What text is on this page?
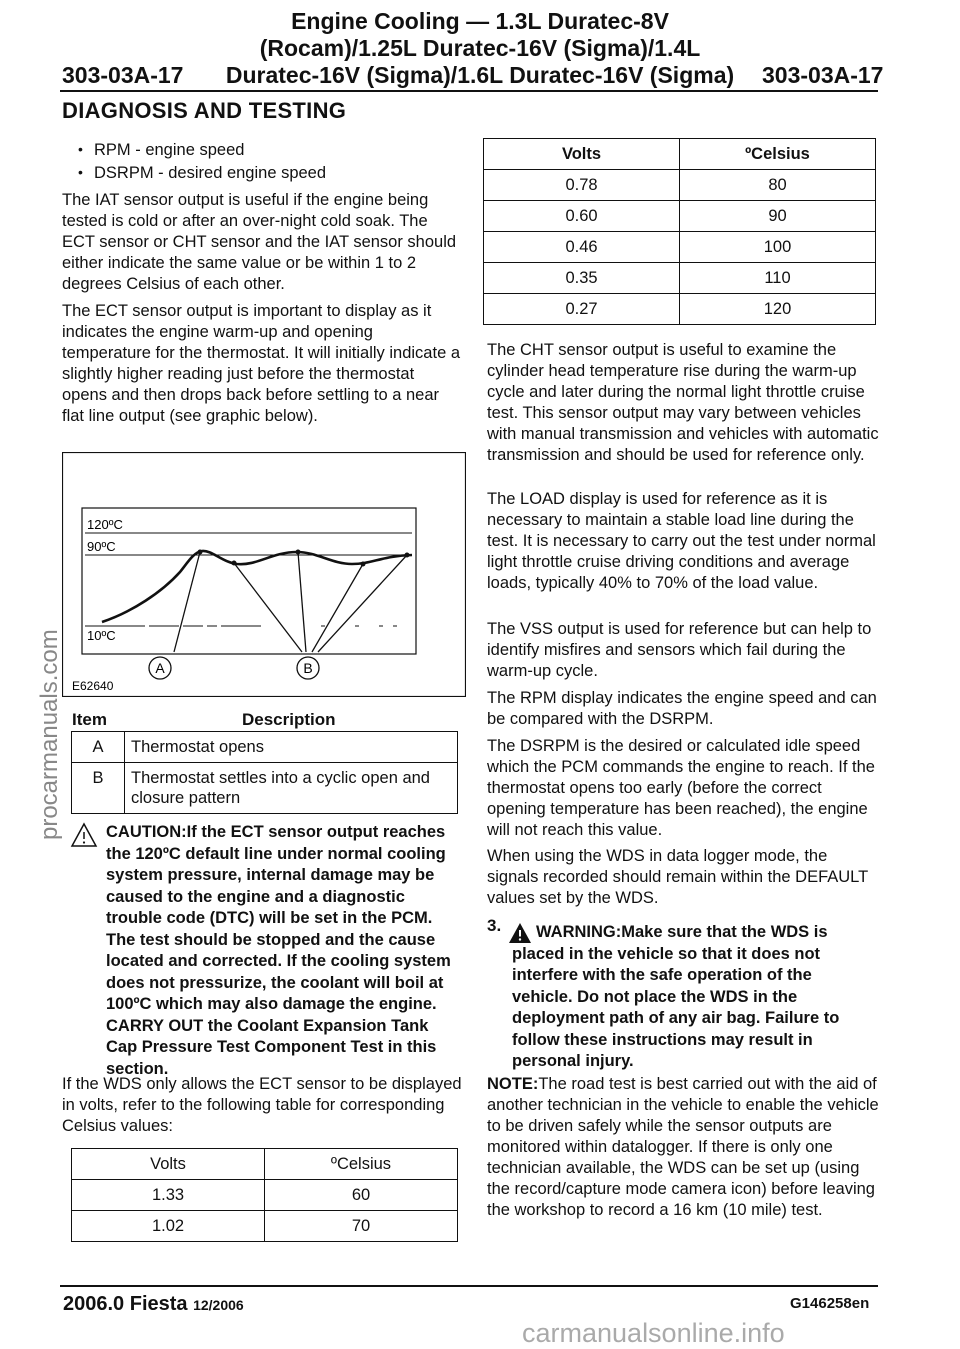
Engine Cooling — 1.3L Duratec-8V
(Rocam)/1.25L Duratec-16V (Sigma)/1.4L
Duratec-16V (Sigma)/1.6L Duratec-16V (Sigma)
303-03A-17	303-03A-17
DIAGNOSIS AND TESTING
• RPM - engine speed
• DSRPM - desired engine speed

The IAT sensor output is useful if the engine being tested is cold or after an over-night cold soak. The ECT sensor or CHT sensor and the IAT sensor should either indicate the same value or be within 1 to 2 degrees Celsius of each other.

The ECT sensor output is important to display as it indicates the engine warm-up and opening temperature for the thermostat. It will initially indicate a slightly higher reading just before the thermostat opens and then drops back before settling to a near flat line output (see graphic below).

A	B
120ºC
90ºC
10ºC
E62640
Item	Description
A	Thermostat opens
B	Thermostat settles into a cyclic open and closure pattern
CAUTION:If the ECT sensor output reaches the 120ºC default line under normal cooling system pressure, internal damage may be caused to the engine and a diagnostic trouble code (DTC) will be set in the PCM. The test should be stopped and the cause located and corrected. If the cooling system does not pressurize, the coolant will boil at 100ºC which may also damage the engine. CARRY OUT the Coolant Expansion Tank Cap Pressure Test Component Test in this section.

If the WDS only allows the ECT sensor to be displayed in volts, refer to the following table for corresponding Celsius values:

Volts	ºCelsius
1.33	60
1.02	70
Volts	ºCelsius
0.78	80
0.60	90
0.46	100
0.35	110
0.27	120

The CHT sensor output is useful to examine the cylinder head temperature rise during the warm-up cycle and later during the normal light throttle cruise test. This sensor output may vary between vehicles with manual transmission and vehicles with automatic transmission and should be used for reference only.

The LOAD display is used for reference as it is necessary to maintain a stable load line during the test. It is necessary to carry out the test under normal light throttle cruise driving conditions and average loads, typically 40% to 70% of the load value.

The VSS output is used for reference but can help to identify misfires and sensors which fail during the warm-up cycle.

The RPM display indicates the engine speed and can be compared with the DSRPM.

The DSRPM is the desired or calculated idle speed which the PCM commands the engine to reach. If the thermostat opens too early (before the correct opening temperature has been reached), the engine will not reach this value.

When using the WDS in data logger mode, the signals recorded should remain within the DEFAULT values set by the WDS.

3.	WARNING:Make sure that the WDS is placed in the vehicle so that it does not interfere with the safe operation of the vehicle. Do not place the WDS in the deployment path of any air bag. Failure to follow these instructions may result in personal injury.
NOTE:The road test is best carried out with the aid of another technician in the vehicle to enable the vehicle to be driven safely while the sensor outputs are monitored within datalogger. If there is only one technician available, the WDS can be set up (using the record/capture mode camera icon) before leaving the workshop to record a 16 km (10 mile) test.
2006.0 Fiesta 12/2006	G146258en
procarmanuals.com
carmanualsonline.info
